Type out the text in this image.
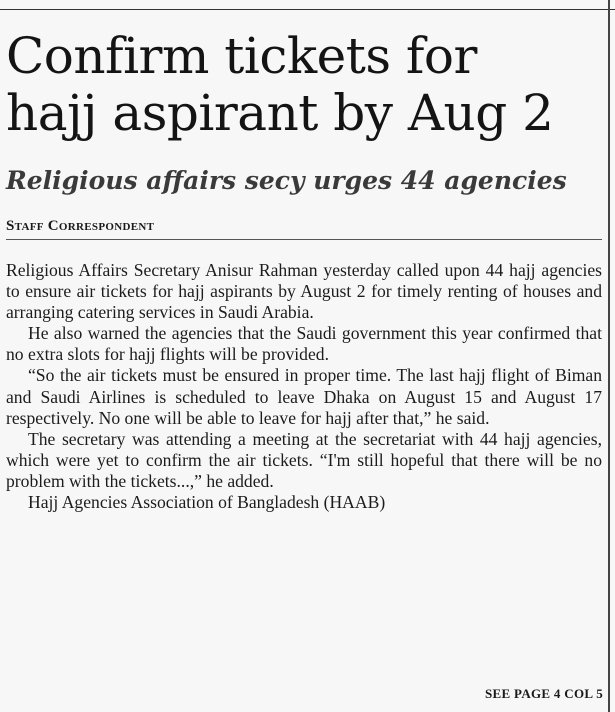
Confirm tickets for
hajj aspirant by Aug 2
Religious affairs secy urges 44 agencies
Staff Correspondent

Religious Affairs Secretary Anisur Rahman yesterday called upon 44 hajj agencies to ensure air tickets for hajj aspirants by August 2 for timely renting of houses and arranging catering services in Saudi Arabia.

He also warned the agencies that the Saudi government this year confirmed that no extra slots for hajj flights will be provided.

“So the air tickets must be ensured in proper time. The last hajj flight of Biman and Saudi Airlines is scheduled to leave Dhaka on August 15 and August 17 respectively. No one will be able to leave for hajj after that,” he said.

The secretary was attending a meeting at the secretariat with 44 hajj agencies, which were yet to confirm the air tickets. “I'm still hopeful that there will be no problem with the tickets...,” he added.

Hajj Agencies Association of Bangladesh (HAAB)

SEE PAGE 4 COL 5
